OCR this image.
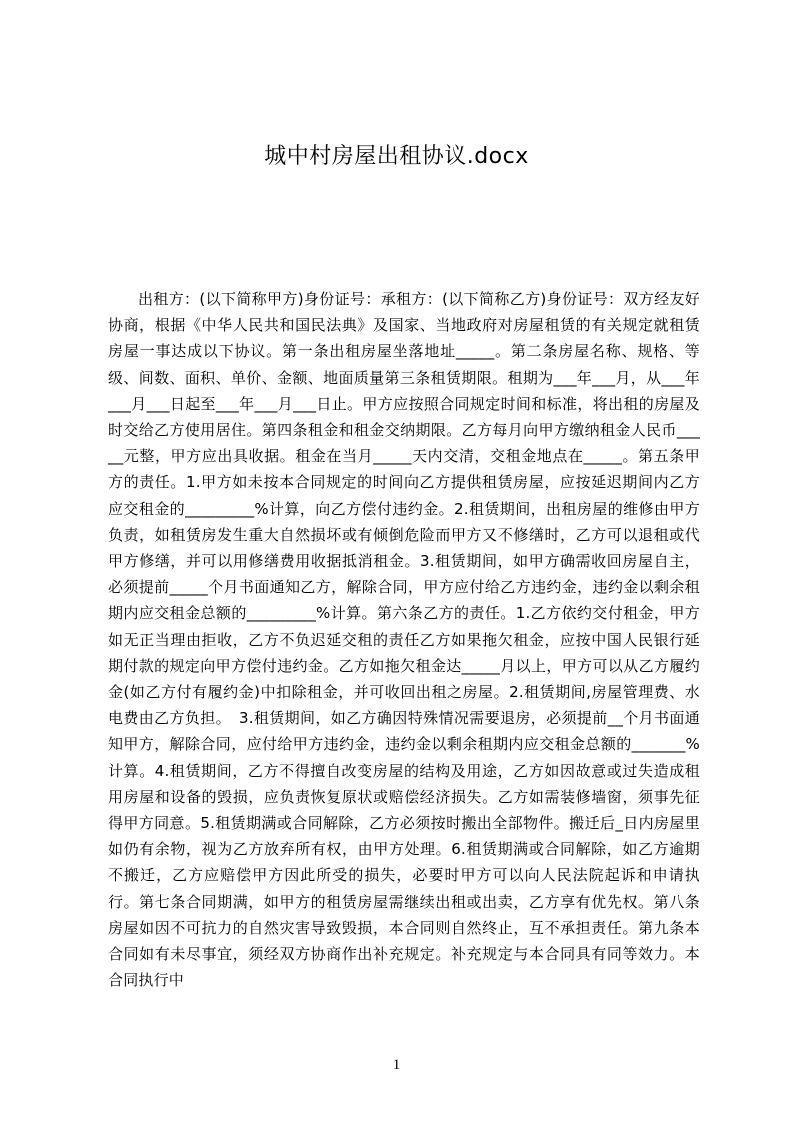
城中村房屋出租协议.docx

出租方：(以下简称甲方)身份证号：承租方：(以下简称乙方)身份证号：双方经友好协商，根据《中华人民共和国民法典》及国家、当地政府对房屋租赁的有关规定就租赁房屋一事达成以下协议。第一条出租房屋坐落地址_____。第二条房屋名称、规格、等级、间数、面积、单价、金额、地面质量第三条租赁期限。租期为___年___月，从___年___月___日起至___年___月___日止。甲方应按照合同规定时间和标准，将出租的房屋及时交给乙方使用居住。第四条租金和租金交纳期限。乙方每月向甲方缴纳租金人民币_____元整，甲方应出具收据。租金在当月_____天内交清，交租金地点在_____。第五条甲方的责任。1.甲方如未按本合同规定的时间向乙方提供租赁房屋，应按延迟期间内乙方应交租金的_________%计算，向乙方偿付违约金。2.租赁期间，出租房屋的维修由甲方负责，如租赁房发生重大自然损坏或有倾倒危险而甲方又不修缮时，乙方可以退租或代甲方修缮，并可以用修缮费用收据抵消租金。3.租赁期间，如甲方确需收回房屋自主，必须提前_____个月书面通知乙方，解除合同，甲方应付给乙方违约金，违约金以剩余租期内应交租金总额的_________%计算。第六条乙方的责任。1.乙方依约交付租金，甲方如无正当理由拒收，乙方不负迟延交租的责任乙方如果拖欠租金，应按中国人民银行延期付款的规定向甲方偿付违约金。乙方如拖欠租金达_____月以上，甲方可以从乙方履约金(如乙方付有履约金)中扣除租金，并可收回出租之房屋。2.租赁期间,房屋管理费、水电费由乙方负担。　3.租赁期间，如乙方确因特殊情况需要退房，必须提前__个月书面通知甲方，解除合同，应付给甲方违约金，违约金以剩余租期内应交租金总额的_______%计算。4.租赁期间，乙方不得擅自改变房屋的结构及用途，乙方如因故意或过失造成租用房屋和设备的毁损，应负责恢复原状或赔偿经济损失。乙方如需装修墙窗，须事先征得甲方同意。5.租赁期满或合同解除，乙方必须按时搬出全部物件。搬迁后_日内房屋里如仍有余物，视为乙方放弃所有权，由甲方处理。6.租赁期满或合同解除，如乙方逾期不搬迁，乙方应赔偿甲方因此所受的损失，必要时甲方可以向人民法院起诉和申请执行。第七条合同期满，如甲方的租赁房屋需继续出租或出卖，乙方享有优先权。第八条房屋如因不可抗力的自然灾害导致毁损，本合同则自然终止，互不承担责任。第九条本合同如有未尽事宜，须经双方协商作出补充规定。补充规定与本合同具有同等效力。本合同执行中

1
